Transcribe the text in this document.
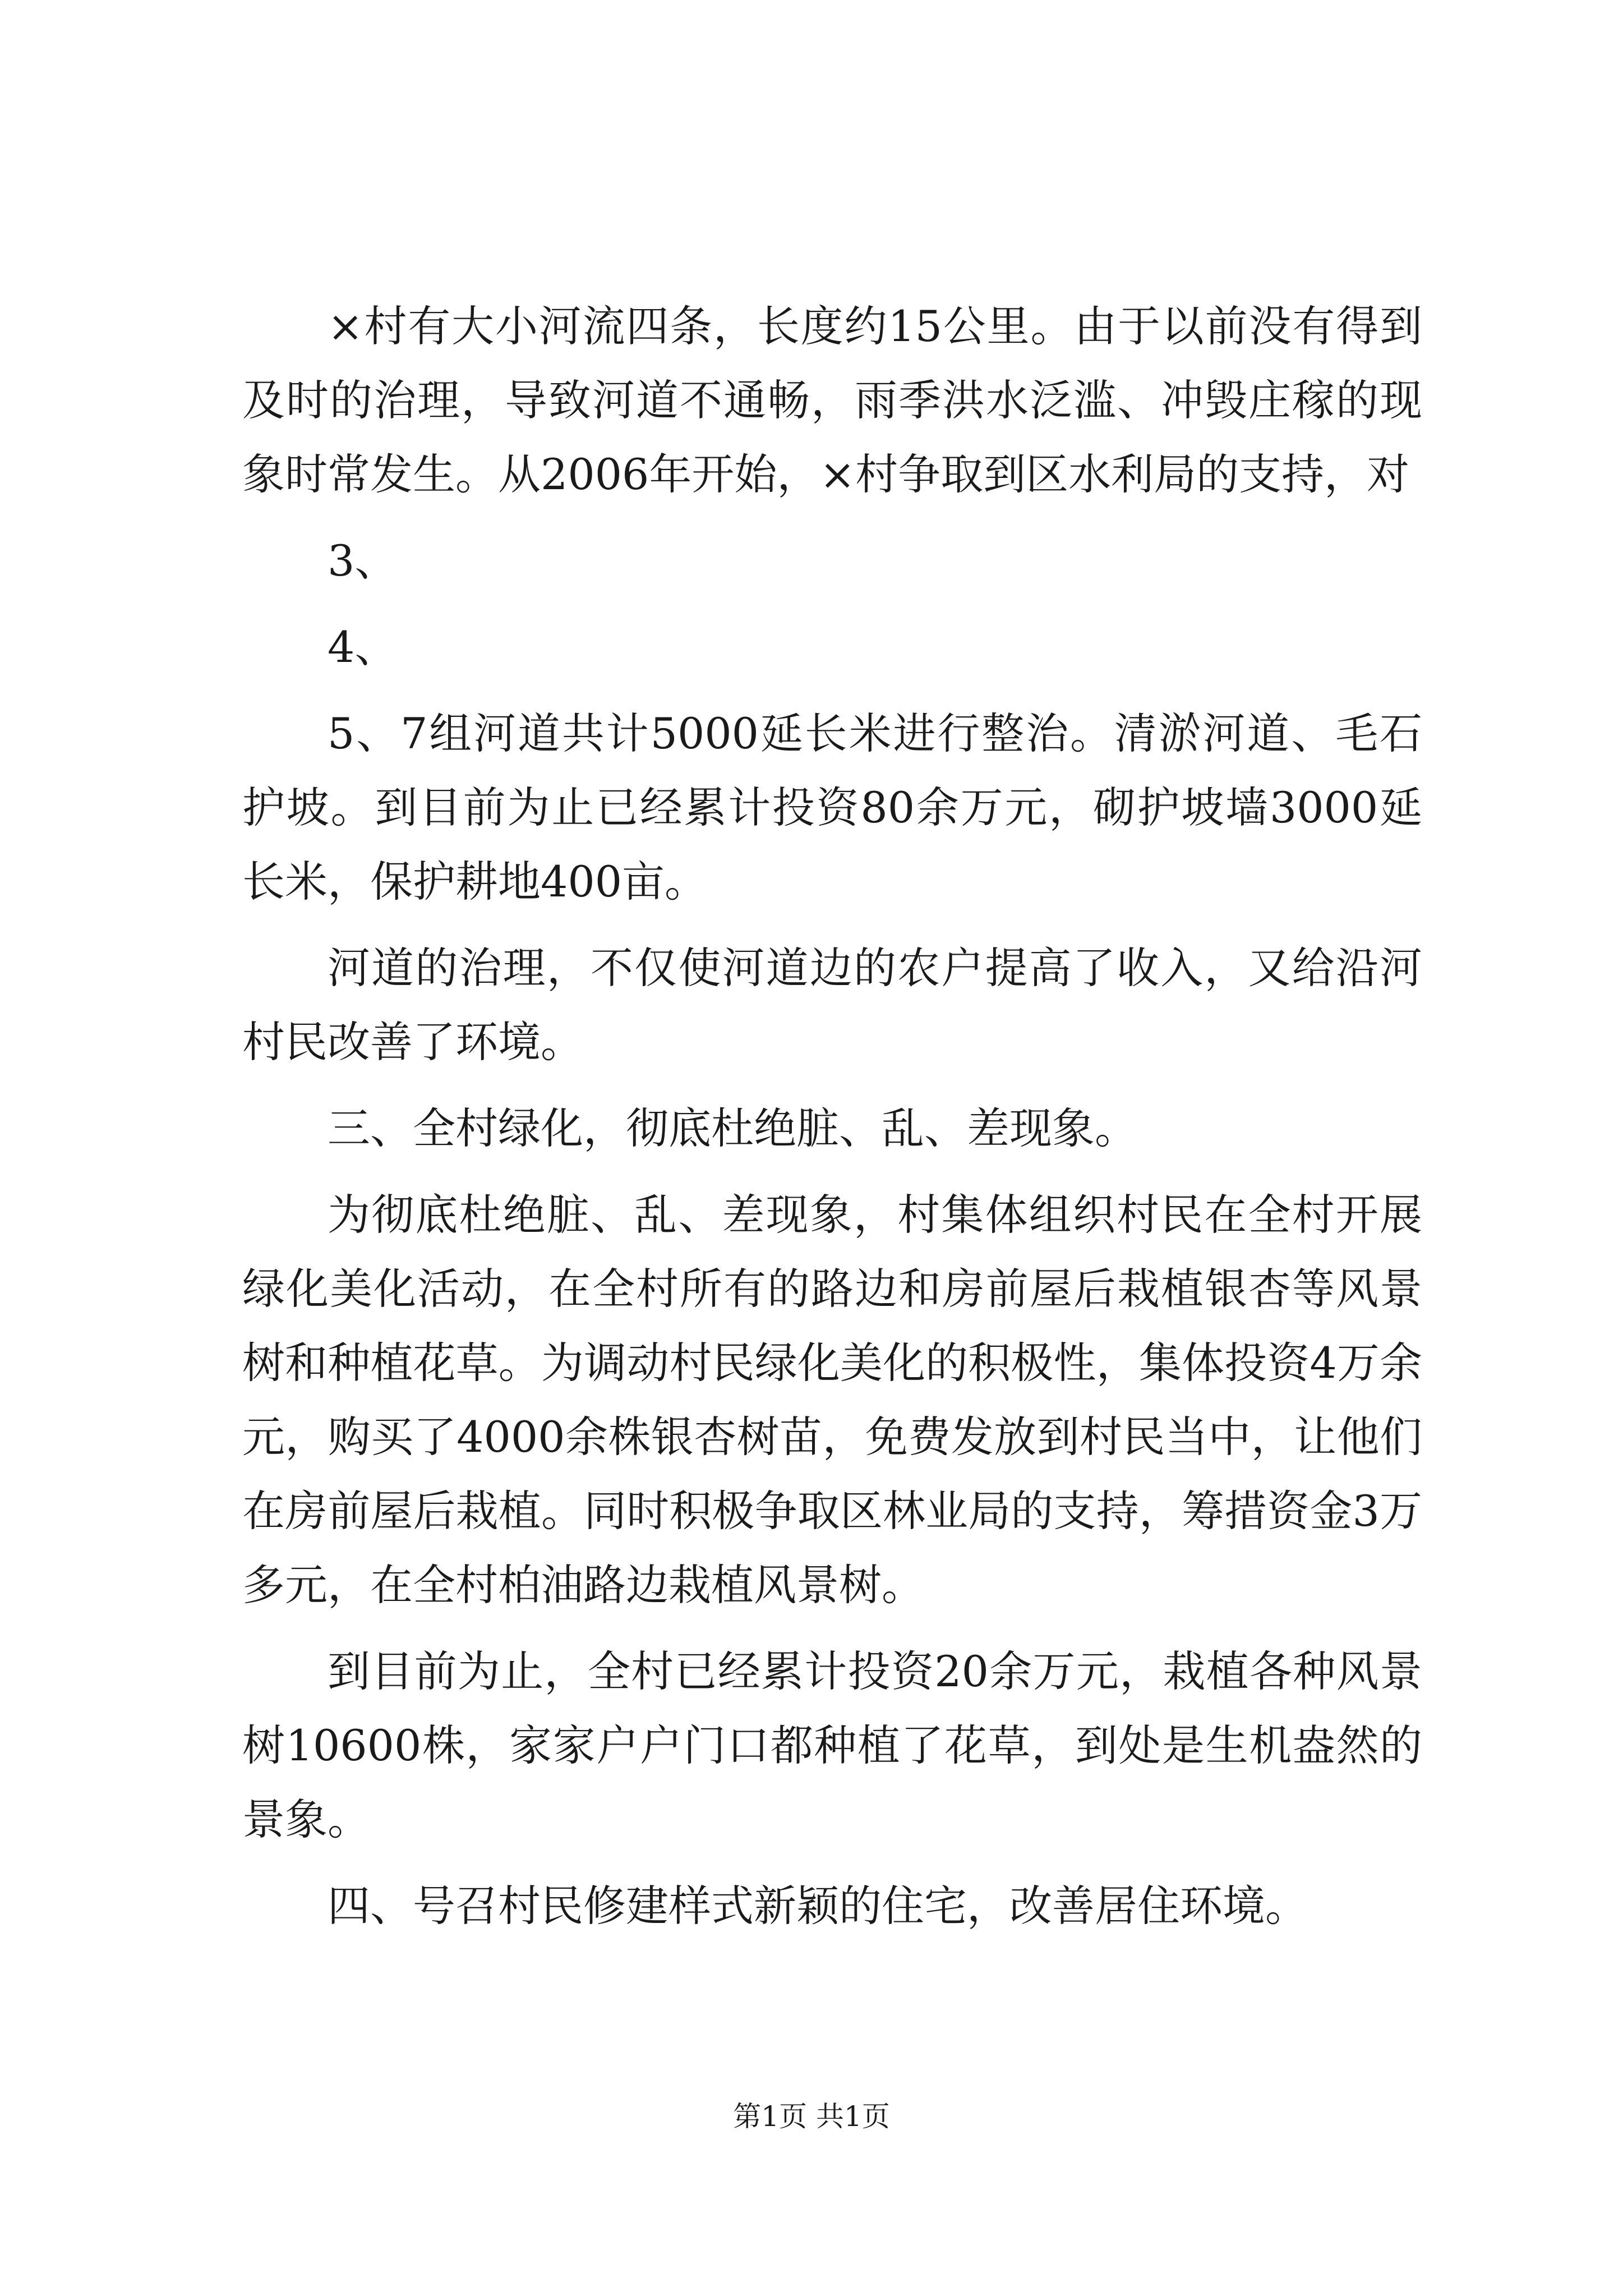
×村有大小河流四条，长度约15公里。由于以前没有得到及时的治理，导致河道不通畅，雨季洪水泛滥、冲毁庄稼的现象时常发生。从2006年开始，×村争取到区水利局的支持，对

3、

4、

5、7组河道共计5000延长米进行整治。清淤河道、毛石护坡。到目前为止已经累计投资80余万元，砌护坡墙3000延长米，保护耕地400亩。

河道的治理，不仅使河道边的农户提高了收入，又给沿河村民改善了环境。

三、全村绿化，彻底杜绝脏、乱、差现象。

为彻底杜绝脏、乱、差现象，村集体组织村民在全村开展绿化美化活动，在全村所有的路边和房前屋后栽植银杏等风景树和种植花草。为调动村民绿化美化的积极性，集体投资4万余元，购买了4000余株银杏树苗，免费发放到村民当中，让他们在房前屋后栽植。同时积极争取区林业局的支持，筹措资金3万多元，在全村柏油路边栽植风景树。

到目前为止，全村已经累计投资20余万元，栽植各种风景树10600株，家家户户门口都种植了花草，到处是生机盎然的景象。

四、号召村民修建样式新颖的住宅，改善居住环境。

第1页 共1页
